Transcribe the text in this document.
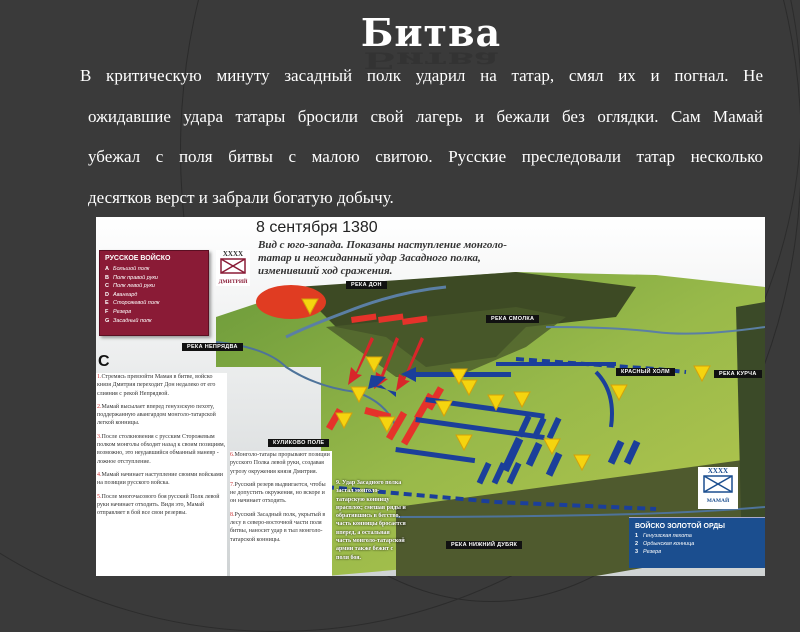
Битва
Битва
В критическую минуту засадный полк ударил на татар, смял их и погнал. Не
ожидавшие удара татары бросили свой лагерь и бежали без оглядки. Сам Мамай
убежал с поля битвы с малою свитою. Русские преследовали татар несколько
десятков верст и забрали богатую добычу.
8 сентября 1380
Вид с юго-запада. Показаны наступление монголо-татар и неожиданный удар Засадного полка, изменивший ход сражения.
РУССКОЕ ВОЙСКО
A Большой полк
B Полк правой руки
C Полк левой руки
D Авангард
E Сторожевой полк
F Резерв
G Засадный полк
XXXX
ДМИТРИЙ	РЕКА ДОН
РЕКА СМОЛКА
РЕКА НЕПРЯДВА
КРАСНЫЙ ХОЛМ	РЕКА КУРЧА
КУЛИКОВО ПОЛЕ
РЕКА НИЖНИЙ ДУБЯК
C

1.Стремясь превзойти Мамая в битве, войско князя Дмитрия переходит Дон недалеко от его слияния с рекой Непрядвой.

2.Мамай высылает вперед генуэзскую пехоту, поддержанную авангардом монголо-татарской легкой конницы.

3.После столкновения с русским Сторожевым полком монголы обходят назад к своим позициям, возможно, это неудавшийся обманный маневр - ложное отступление.

4.Мамай начинает наступление своими войсками на позиции русского войска.

5.После многочасового боя русский Полк левой руки начинает отходить. Видя это, Мамай отправляет в бой все свои резервы.

6.Монголо-татары прорывают позиции русского Полка левой руки, создавая угрозу окружения князя Дмитрия.

7.Русский резерв выдвигается, чтобы не допустить окружения, но вскоре и он начинает отходить.

8.Русский Засадный полк, укрытый в лесу в северо-восточной части поля битвы, наносит удар в тыл монголо-татарской конницы.

9. Удар Засадного полка застал монголо-татарскую конницу врасплох; смешав ряды и обратившись в бегство, часть конницы бросается вперед, а остальная часть монголо-татарской армии также бежит с поля боя.

XXXX
МАМАЙ
ВОЙСКО ЗОЛОТОЙ ОРДЫ
1 Генуэзская пехота
2 Ордынская конница
3 Резерв
